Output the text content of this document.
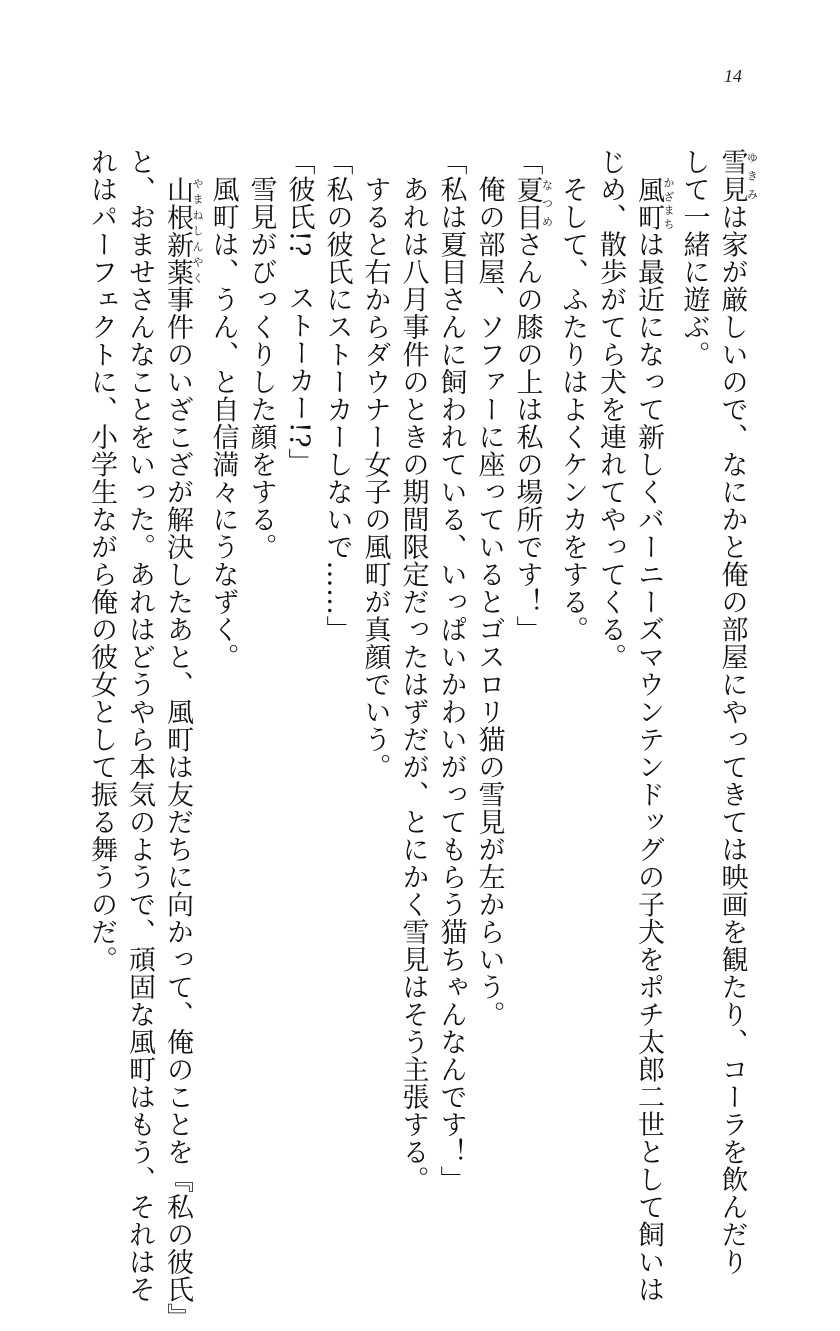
14
雪見ゆきみは家が厳しいので、なにかと俺の部屋にやってきては映画を観たり、コーラを飲んだり
して一緒に遊ぶ。
　風町かざまちは最近になって新しくバーニーズマウンテンドッグの子犬をポチ太郎二世として飼いは
じめ、散歩がてら犬を連れてやってくる。
　そして、ふたりはよくケンカをする。
「夏目なつめさんの膝の上は私の場所です！」
　俺の部屋、ソファーに座っているとゴスロリ猫の雪見が左からいう。
「私は夏目さんに飼われている、いっぱいかわいがってもらう猫ちゃんなんです！」
　あれは八月事件のときの期間限定だったはずだが、とにかく雪見はそう主張する。
　すると右からダウナー女子の風町が真顔でいう。
「私の彼氏にストーカーしないで……」
「彼氏!?　ストーカー!?」
　雪見がびっくりした顔をする。
　風町は、うん、と自信満々にうなずく。
　山根新薬やまねしんやく事件のいざこざが解決したあと、風町は友だちに向かって、俺のことを『私の彼氏』
と、おませさんなことをいった。あれはどうやら本気のようで、頑固な風町はもう、それはそ
れはパーフェクトに、小学生ながら俺の彼女として振る舞うのだ。
